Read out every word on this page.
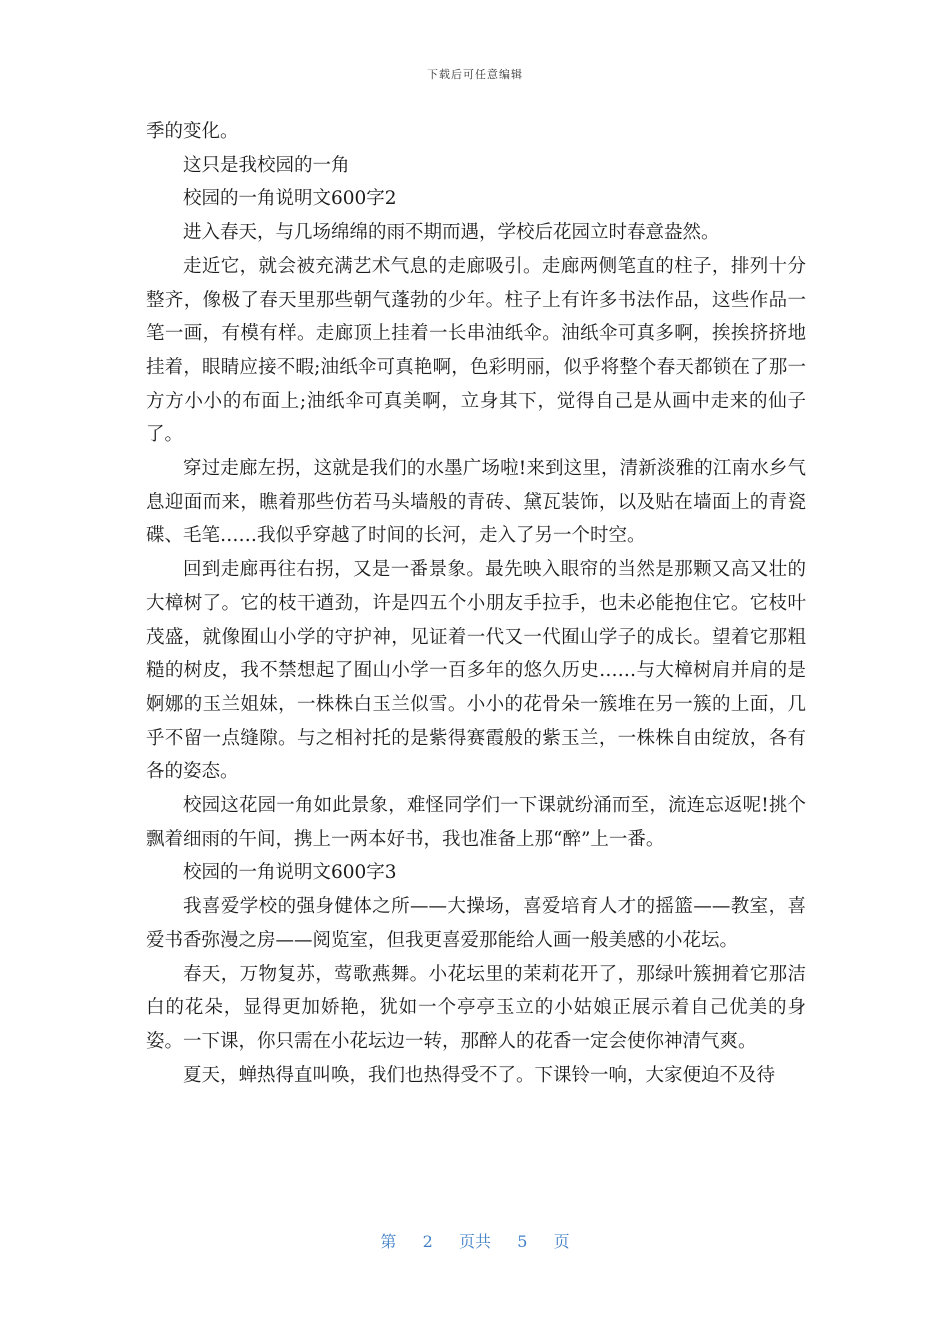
下载后可任意编辑

季的变化。

这只是我校园的一角

校园的一角说明文600字2

进入春天，与几场绵绵的雨不期而遇，学校后花园立时春意盎然。

走近它，就会被充满艺术气息的走廊吸引。走廊两侧笔直的柱子，排列十分整齐，像极了春天里那些朝气蓬勃的少年。柱子上有许多书法作品，这些作品一笔一画，有模有样。走廊顶上挂着一长串油纸伞。油纸伞可真多啊，挨挨挤挤地挂着，眼睛应接不暇;油纸伞可真艳啊，色彩明丽，似乎将整个春天都锁在了那一方方小小的布面上;油纸伞可真美啊，立身其下，觉得自己是从画中走来的仙子了。

穿过走廊左拐，这就是我们的水墨广场啦!来到这里，清新淡雅的江南水乡气息迎面而来，瞧着那些仿若马头墙般的青砖、黛瓦装饰，以及贴在墙面上的青瓷碟、毛笔……我似乎穿越了时间的长河，走入了另一个时空。

回到走廊再往右拐，又是一番景象。最先映入眼帘的当然是那颗又高又壮的大樟树了。它的枝干遒劲，许是四五个小朋友手拉手，也未必能抱住它。它枝叶茂盛，就像囿山小学的守护神，见证着一代又一代囿山学子的成长。望着它那粗糙的树皮，我不禁想起了囿山小学一百多年的悠久历史……与大樟树肩并肩的是婀娜的玉兰姐妹，一株株白玉兰似雪。小小的花骨朵一簇堆在另一簇的上面，几乎不留一点缝隙。与之相衬托的是紫得赛霞般的紫玉兰，一株株自由绽放，各有各的姿态。

校园这花园一角如此景象，难怪同学们一下课就纷涌而至，流连忘返呢!挑个飘着细雨的午间，携上一两本好书，我也准备上那“醉”上一番。

校园的一角说明文600字3

我喜爱学校的强身健体之所——大操场，喜爱培育人才的摇篮——教室，喜爱书香弥漫之房——阅览室，但我更喜爱那能给人画一般美感的小花坛。

春天，万物复苏，莺歌燕舞。小花坛里的茉莉花开了，那绿叶簇拥着它那洁白的花朵，显得更加娇艳，犹如一个亭亭玉立的小姑娘正展示着自己优美的身姿。一下课，你只需在小花坛边一转，那醉人的花香一定会使你神清气爽。

夏天，蝉热得直叫唤，我们也热得受不了。下课铃一响，大家便迫不及待

第 2 页共 5 页
